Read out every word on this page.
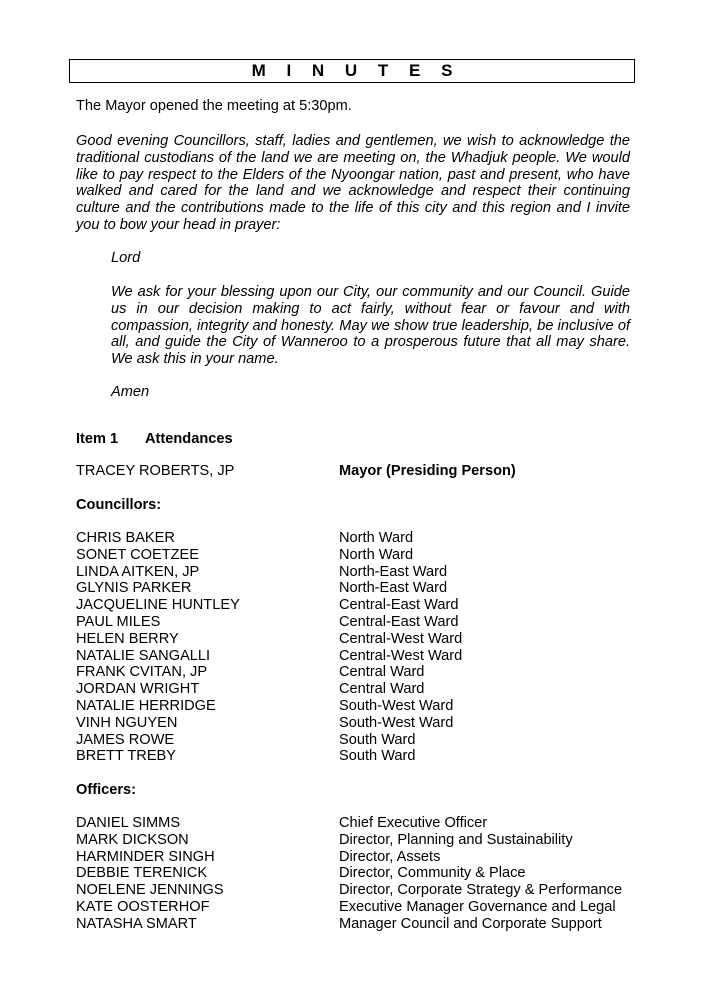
M I N U T E S
The Mayor opened the meeting at 5:30pm.
Good evening Councillors, staff, ladies and gentlemen, we wish to acknowledge the traditional custodians of the land we are meeting on, the Whadjuk people. We would like to pay respect to the Elders of the Nyoongar nation, past and present, who have walked and cared for the land and we acknowledge and respect their continuing culture and the contributions made to the life of this city and this region and I invite you to bow your head in prayer:
Lord
We ask for your blessing upon our City, our community and our Council. Guide us in our decision making to act fairly, without fear or favour and with compassion, integrity and honesty. May we show true leadership, be inclusive of all, and guide the City of Wanneroo to a prosperous future that all may share. We ask this in your name.
Amen
Item 1 Attendances
TRACEY ROBERTS, JP	Mayor (Presiding Person)
Councillors:
CHRIS BAKER	North Ward
SONET COETZEE	North Ward
LINDA AITKEN, JP	North-East Ward
GLYNIS PARKER	North-East Ward
JACQUELINE HUNTLEY	Central-East Ward
PAUL MILES	Central-East Ward
HELEN BERRY	Central-West Ward
NATALIE SANGALLI	Central-West Ward
FRANK CVITAN, JP	Central Ward
JORDAN WRIGHT	Central Ward
NATALIE HERRIDGE	South-West Ward
VINH NGUYEN	South-West Ward
JAMES ROWE	South Ward
BRETT TREBY	South Ward
Officers:
DANIEL SIMMS	Chief Executive Officer
MARK DICKSON	Director, Planning and Sustainability
HARMINDER SINGH	Director, Assets
DEBBIE TERENICK	Director, Community & Place
NOELENE JENNINGS	Director, Corporate Strategy & Performance
KATE OOSTERHOF	Executive Manager Governance and Legal
NATASHA SMART	Manager Council and Corporate Support
